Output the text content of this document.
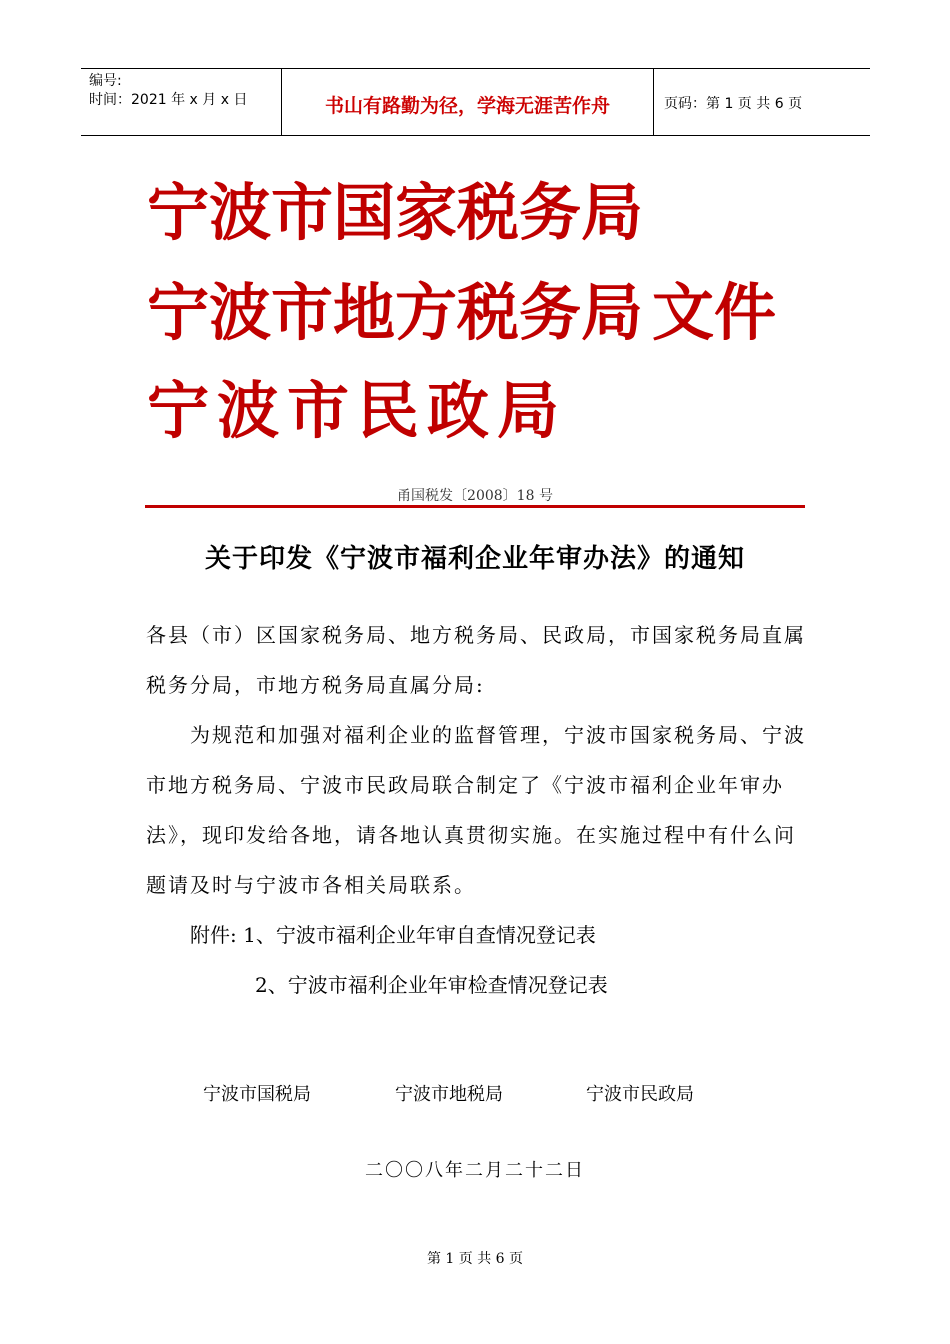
编号:
时间：2021 年 x 月 x 日	书山有路勤为径，学海无涯苦作舟	页码：第 1 页 共 6 页
宁波市国家税务局
宁波市地方税务局 文件
宁波市民政局
甬国税发〔2008〕18 号
关于印发《宁波市福利企业年审办法》的通知
各县（市）区国家税务局、地方税务局、民政局，市国家税务局直属税务分局，市地方税务局直属分局:
为规范和加强对福利企业的监督管理，宁波市国家税务局、宁波市地方税务局、宁波市民政局联合制定了《宁波市福利企业年审办法》，现印发给各地，请各地认真贯彻实施。在实施过程中有什么问题请及时与宁波市各相关局联系。
附件: 1、宁波市福利企业年审自查情况登记表
2、宁波市福利企业年审检查情况登记表
宁波市国税局	宁波市地税局	宁波市民政局
二〇〇八年二月二十二日
第 1 页 共 6 页
